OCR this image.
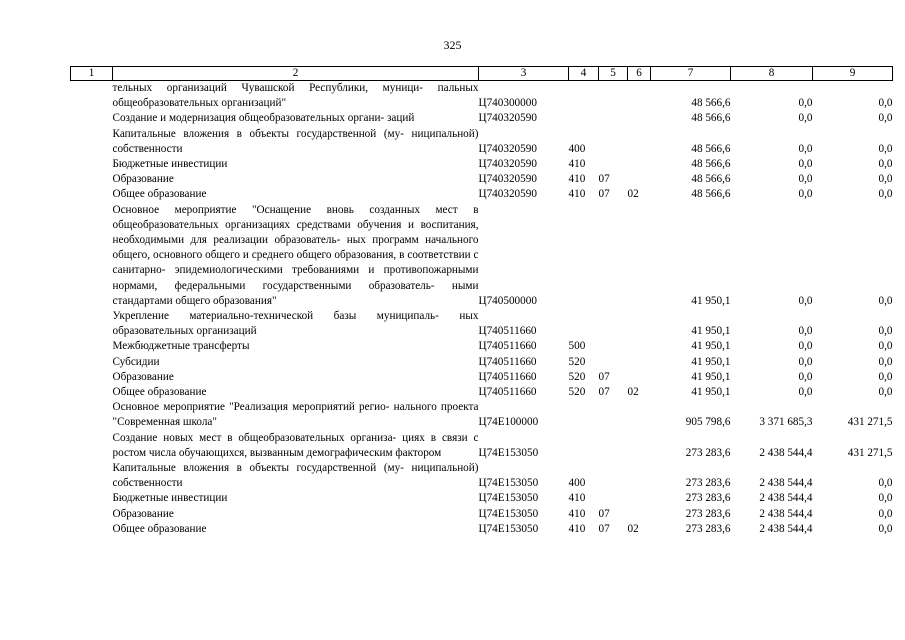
325
1	2	3	4	5	6	7	8	9
	тельных организаций Чувашской Республики, муници- пальных общеобразовательных организаций"	Ц740300000				48 566,6	0,0	0,0
	Создание и модернизация общеобразовательных органи- заций	Ц740320590				48 566,6	0,0	0,0
	Капитальные вложения в объекты государственной (му- ниципальной) собственности	Ц740320590	400			48 566,6	0,0	0,0
	Бюджетные инвестиции	Ц740320590	410			48 566,6	0,0	0,0
	Образование	Ц740320590	410	07		48 566,6	0,0	0,0
	Общее образование	Ц740320590	410	07	02	48 566,6	0,0	0,0
	Основное мероприятие "Оснащение вновь созданных мест в общеобразовательных организациях средствами обучения и воспитания, необходимыми для реализации образователь- ных программ начального общего, основного общего и среднего общего образования, в соответствии с санитарно- эпидемиологическими требованиями и противопожарными нормами, федеральными государственными образователь- ными стандартами общего образования"	Ц740500000				41 950,1	0,0	0,0
	Укрепление материально-технической базы муниципаль- ных образовательных организаций	Ц740511660				41 950,1	0,0	0,0
	Межбюджетные трансферты	Ц740511660	500			41 950,1	0,0	0,0
	Субсидии	Ц740511660	520			41 950,1	0,0	0,0
	Образование	Ц740511660	520	07		41 950,1	0,0	0,0
	Общее образование	Ц740511660	520	07	02	41 950,1	0,0	0,0
	Основное мероприятие "Реализация мероприятий регио- нального проекта "Современная школа"	Ц74Е100000				905 798,6	3 371 685,3	431 271,5
	Создание новых мест в общеобразовательных организа- циях в связи с ростом числа обучающихся, вызванным демографическим фактором	Ц74Е153050				273 283,6	2 438 544,4	431 271,5
	Капитальные вложения в объекты государственной (му- ниципальной) собственности	Ц74Е153050	400			273 283,6	2 438 544,4	0,0
	Бюджетные инвестиции	Ц74Е153050	410			273 283,6	2 438 544,4	0,0
	Образование	Ц74Е153050	410	07		273 283,6	2 438 544,4	0,0
	Общее образование	Ц74Е153050	410	07	02	273 283,6	2 438 544,4	0,0
